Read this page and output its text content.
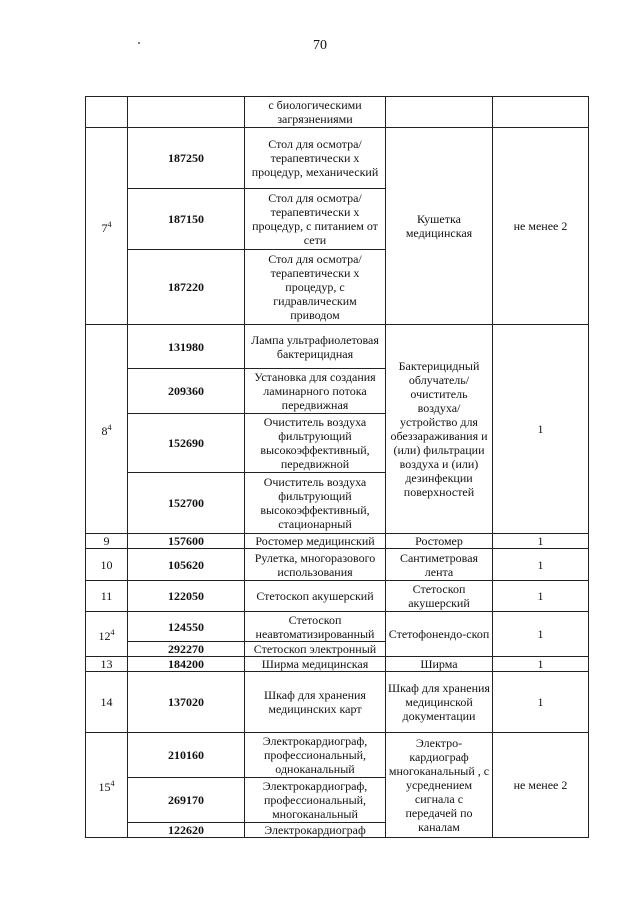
70
		с биологическими загрязнениями		
$7^4$	187250	Стол для осмотра/терапевтически х процедур, механический	Кушетка медицинская	не менее 2
	187150	Стол для осмотра/терапевтически х процедур, с питанием от сети		
	187220	Стол для осмотра/терапевтически х процедур, с гидравлическим приводом		
$8^4$	131980	Лампа ультрафиолетовая бактерицидная	Бактерицидный облучатель/ очиститель воздуха/ устройство для обеззараживания и (или) фильтрации воздуха и (или) дезинфекции поверхностей	1
	209360	Установка для создания ламинарного потока передвижная		
	152690	Очиститель воздуха фильтрующий высокоэффективный, передвижной		
	152700	Очиститель воздуха фильтрующий высокоэффективный, стационарный		
9	157600	Ростомер медицинский	Ростомер	1
10	105620	Рулетка, многоразового использования	Сантиметровая лента	1
11	122050	Стетоскоп акушерский	Стетоскоп акушерский	1
$12^4$	124550	Стетоскоп неавтоматизированный	Стетофонендо-скоп	1
	292270	Стетоскоп электронный		
13	184200	Ширма медицинская	Ширма	1
14	137020	Шкаф для хранения медицинских карт	Шкаф для хранения медицинской документации	1
$15^4$	210160	Электрокардиограф, профессиональный, одноканальный	Электро-кардиограф многоканальный , с усреднением сигнала с передачей по каналам	не менее 2
	269170	Электрокардиограф, профессиональный, многоканальный		
	122620	Электрокардиограф		
